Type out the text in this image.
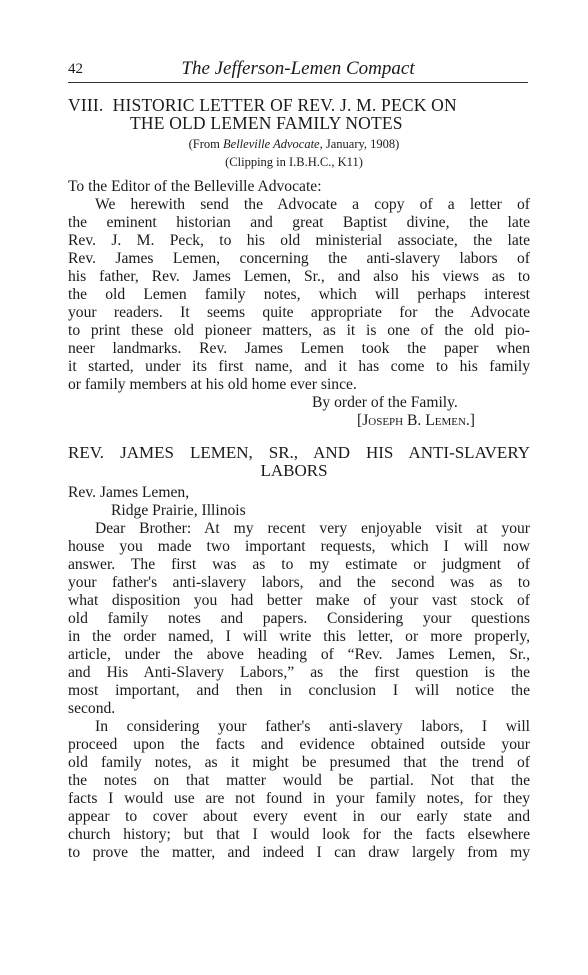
The Jefferson-Lemen Compact
42
VIII.  HISTORIC LETTER OF REV. J. M. PECK ON
THE OLD LEMEN FAMILY NOTES
(From Belleville Advocate, January, 1908)
(Clipping in I.B.H.C., K11)
To the Editor of the Belleville Advocate:
We herewith send the Advocate a copy of a letter of
the eminent historian and great Baptist divine, the late
Rev. J. M. Peck, to his old ministerial associate, the late
Rev. James Lemen, concerning the anti-slavery labors of
his father, Rev. James Lemen, Sr., and also his views as to
the old Lemen family notes, which will perhaps interest
your readers. It seems quite appropriate for the Advocate
to print these old pioneer matters, as it is one of the old pio-
neer landmarks. Rev. James Lemen took the paper when
it started, under its first name, and it has come to his family
or family members at his old home ever since.
By order of the Family.
[Joseph B. Lemen.]
REV. JAMES LEMEN, SR., AND HIS ANTI-SLAVERY
LABORS
Rev. James Lemen,
Ridge Prairie, Illinois
Dear Brother: At my recent very enjoyable visit at your
house you made two important requests, which I will now
answer. The first was as to my estimate or judgment of
your father's anti-slavery labors, and the second was as to
what disposition you had better make of your vast stock of
old family notes and papers. Considering your questions
in the order named, I will write this letter, or more properly,
article, under the above heading of “Rev. James Lemen, Sr.,
and His Anti-Slavery Labors,” as the first question is the
most important, and then in conclusion I will notice the
second.
In considering your father's anti-slavery labors, I will
proceed upon the facts and evidence obtained outside your
old family notes, as it might be presumed that the trend of
the notes on that matter would be partial. Not that the
facts I would use are not found in your family notes, for they
appear to cover about every event in our early state and
church history; but that I would look for the facts elsewhere
to prove the matter, and indeed I can draw largely from my
